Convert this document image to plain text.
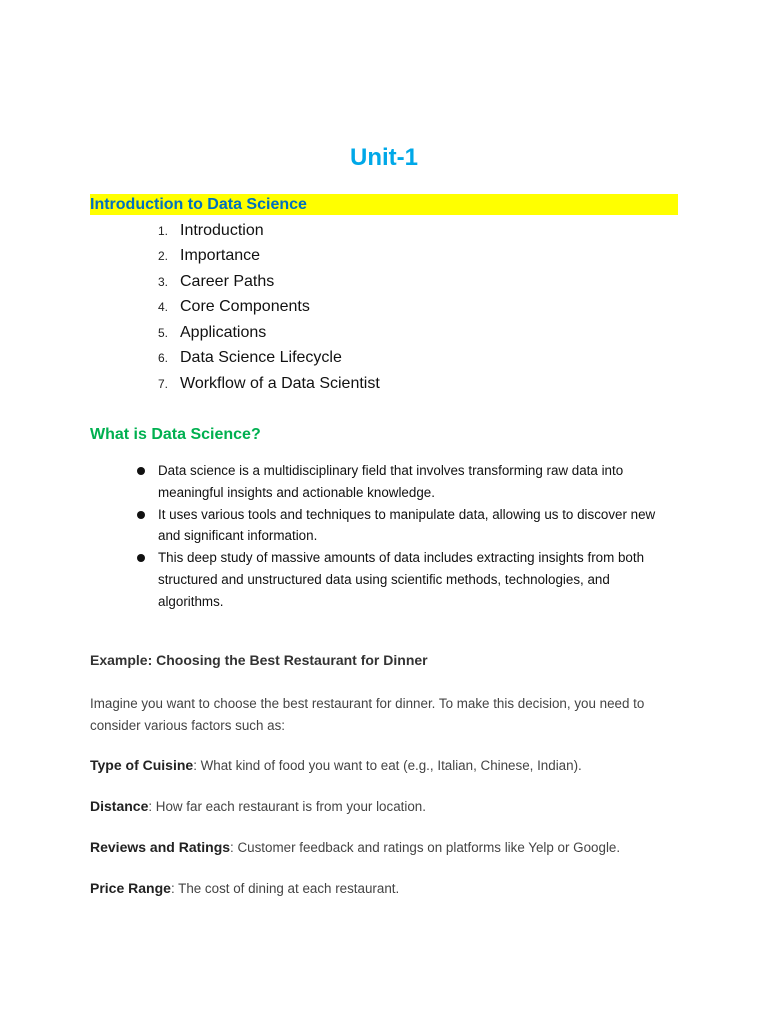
Unit-1
Introduction to Data Science
1. Introduction
2. Importance
3. Career Paths
4. Core Components
5. Applications
6. Data Science Lifecycle
7. Workflow of a Data Scientist
What is Data Science?
Data science is a multidisciplinary field that involves transforming raw data into
meaningful insights and actionable knowledge.
It uses various tools and techniques to manipulate data, allowing us to discover new
and significant information.
This deep study of massive amounts of data includes extracting insights from both
structured and unstructured data using scientific methods, technologies, and
algorithms.
Example: Choosing the Best Restaurant for Dinner
Imagine you want to choose the best restaurant for dinner. To make this decision, you need to
consider various factors such as:
Type of Cuisine: What kind of food you want to eat (e.g., Italian, Chinese, Indian).
Distance: How far each restaurant is from your location.
Reviews and Ratings: Customer feedback and ratings on platforms like Yelp or Google.
Price Range: The cost of dining at each restaurant.
